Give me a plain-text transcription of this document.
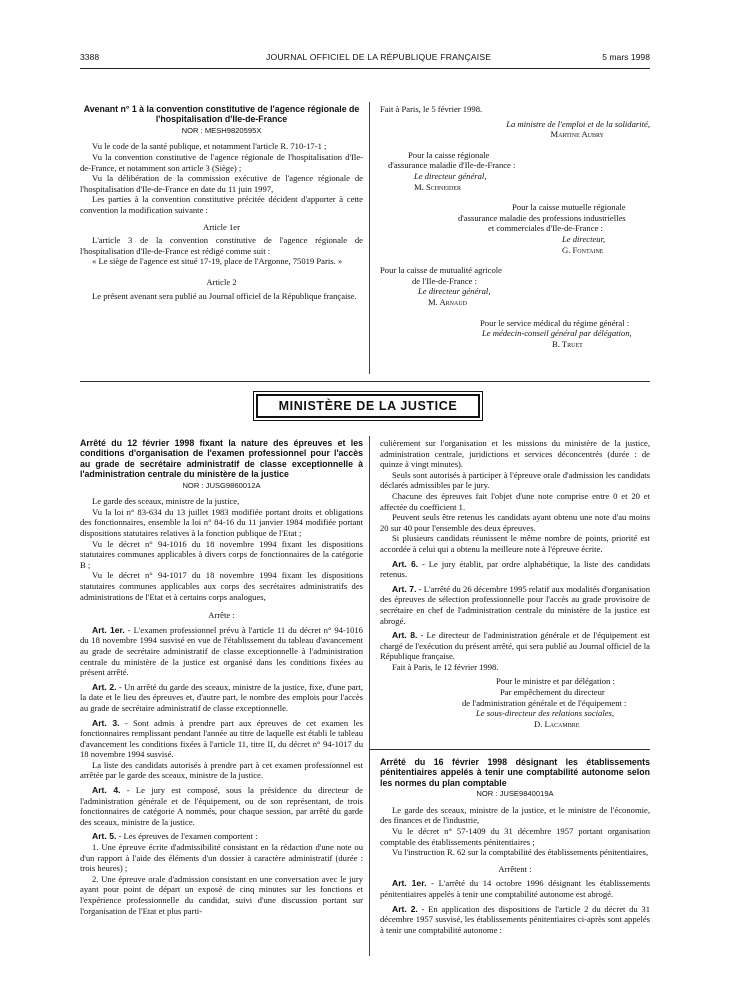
3388	JOURNAL OFFICIEL DE LA RÉPUBLIQUE FRANÇAISE	5 mars 1998
Avenant n° 1 à la convention constitutive de l'agence régionale de l'hospitalisation d'Ile-de-France
NOR : MESH9820595X

Vu le code de la santé publique, et notamment l'article R. 710-17-1 ;

Vu la convention constitutive de l'agence régionale de l'hospitalisation d'Ile-de-France, et notamment son article 3 (Siège) ;

Vu la délibération de la commission exécutive de l'agence régionale de l'hospitalisation d'Ile-de-France en date du 11 juin 1997,

Les parties à la convention constitutive précitée décident d'apporter à cette convention la modification suivante :

Article 1er

L'article 3 de la convention constitutive de l'agence régionale de l'hospitalisation d'Ile-de-France est rédigé comme suit :

« Le siège de l'agence est situé 17-19, place de l'Argonne, 75019 Paris. »

Article 2

Le présent avenant sera publié au Journal officiel de la République française.

Fait à Paris, le 5 février 1998.

La ministre de l'emploi et de la solidarité,

Martine Aubry

Pour la caisse régionale

d'assurance maladie d'Ile-de-France :

Le directeur général,

M. Schneider

Pour la caisse mutuelle régionale

d'assurance maladie des professions industrielles

et commerciales d'Ile-de-France :

Le directeur,

G. Fontaine

Pour la caisse de mutualité agricole

de l'Ile-de-France :

Le directeur général,

M. Arnaud

Pour le service médical du régime général :

Le médecin-conseil général par délégation,

B. Truet

MINISTÈRE DE LA JUSTICE
Arrêté du 12 février 1998 fixant la nature des épreuves et les conditions d'organisation de l'examen professionnel pour l'accès au grade de secrétaire administratif de classe exceptionnelle à l'administration centrale du ministère de la justice
NOR : JUSG9860012A

Le garde des sceaux, ministre de la justice,

Vu la loi n° 83-634 du 13 juillet 1983 modifiée portant droits et obligations des fonctionnaires, ensemble la loi n° 84-16 du 11 janvier 1984 modifiée portant dispositions statutaires relatives à la fonction publique de l'Etat ;

Vu le décret n° 94-1016 du 18 novembre 1994 fixant les dispositions statutaires communes applicables à divers corps de fonctionnaires de la catégorie B ;

Vu le décret n° 94-1017 du 18 novembre 1994 fixant les dispositions statutaires communes applicables aux corps des secrétaires administratifs des administrations de l'Etat et à certains corps analogues,

Arrête :

Art. 1er. - L'examen professionnel prévu à l'article 11 du décret n° 94-1016 du 18 novembre 1994 susvisé en vue de l'établissement du tableau d'avancement au grade de secrétaire administratif de classe exceptionnelle à l'administration centrale du ministère de la justice est organisé dans les conditions fixées au présent arrêté.

Art. 2. - Un arrêté du garde des sceaux, ministre de la justice, fixe, d'une part, la date et le lieu des épreuves et, d'autre part, le nombre des emplois pour l'accès au grade de secrétaire administratif de classe exceptionnelle.

Art. 3. - Sont admis à prendre part aux épreuves de cet examen les fonctionnaires remplissant pendant l'année au titre de laquelle est établi le tableau d'avancement les conditions fixées à l'article 11, titre II, du décret n° 94-1017 du 18 novembre 1994 susvisé.

La liste des candidats autorisés à prendre part à cet examen professionnel est arrêtée par le garde des sceaux, ministre de la justice.

Art. 4. - Le jury est composé, sous la présidence du directeur de l'administration générale et de l'équipement, ou de son représentant, de trois fonctionnaires de catégorie A nommés, pour chaque session, par arrêté du garde des sceaux, ministre de la justice.

Art. 5. - Les épreuves de l'examen comportent :

1. Une épreuve écrite d'admissibilité consistant en la rédaction d'une note ou d'un rapport à l'aide des éléments d'un dossier à caractère administratif (durée : trois heures) ;

2. Une épreuve orale d'admission consistant en une conversation avec le jury ayant pour point de départ un exposé de cinq minutes sur les fonctions et l'expérience professionnelle du candidat, suivi d'une discussion portant sur l'organisation de l'Etat et plus parti-

culièrement sur l'organisation et les missions du ministère de la justice, administration centrale, juridictions et services déconcentrés (durée : de quinze à vingt minutes).

Seuls sont autorisés à participer à l'épreuve orale d'admission les candidats déclarés admissibles par le jury.

Chacune des épreuves fait l'objet d'une note comprise entre 0 et 20 et affectée du coefficient 1.

Peuvent seuls être retenus les candidats ayant obtenu une note d'au moins 20 sur 40 pour l'ensemble des deux épreuves.

Si plusieurs candidats réunissent le même nombre de points, priorité est accordée à celui qui a obtenu la meilleure note à l'épreuve écrite.

Art. 6. - Le jury établit, par ordre alphabétique, la liste des candidats retenus.

Art. 7. - L'arrêté du 26 décembre 1995 relatif aux modalités d'organisation des épreuves de sélection professionnelle pour l'accès au grade provisoire de secrétaire en chef de l'administration centrale du ministère de la justice est abrogé.

Art. 8. - Le directeur de l'administration générale et de l'équipement est chargé de l'exécution du présent arrêté, qui sera publié au Journal officiel de la République française.

Fait à Paris, le 12 février 1998.

Pour le ministre et par délégation :

Par empêchement du directeur

de l'administration générale et de l'équipement :

Le sous-directeur des relations sociales,

D. Lacambre

Arrêté du 16 février 1998 désignant les établissements pénitentiaires appelés à tenir une comptabilité autonome selon les normes du plan comptable
NOR : JUSE9840019A

Le garde des sceaux, ministre de la justice, et le ministre de l'économie, des finances et de l'industrie,

Vu le décret n° 57-1409 du 31 décembre 1957 portant organisation comptable des établissements pénitentiaires ;

Vu l'instruction R. 62 sur la comptabilité des établissements pénitentiaires,

Arrêtent :

Art. 1er. - L'arrêté du 14 octobre 1996 désignant les établissements pénitentiaires appelés à tenir une comptabilité autonome est abrogé.

Art. 2. - En application des dispositions de l'article 2 du décret du 31 décembre 1957 susvisé, les établissements pénitentiaires ci-après sont appelés à tenir une comptabilité autonome :
